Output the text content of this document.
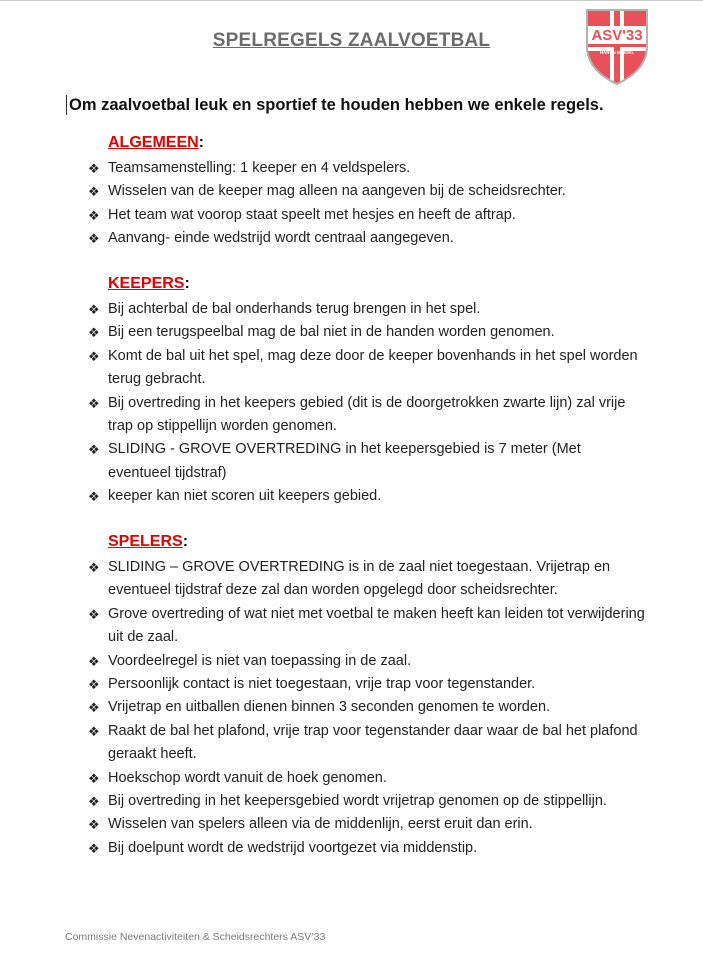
SPELREGELS ZAALVOETBAL	ASV'33
HAREN MIDDEL
Om zaalvoetbal leuk en sportief te houden hebben we enkele regels.
ALGEMEEN:
❖ Teamsamenstelling: 1 keeper en 4 veldspelers.
❖ Wisselen van de keeper mag alleen na aangeven bij de scheidsrechter.
❖ Het team wat voorop staat speelt met hesjes en heeft de aftrap.
❖ Aanvang- einde wedstrijd wordt centraal aangegeven.
KEEPERS:
❖ Bij achterbal de bal onderhands terug brengen in het spel.
❖ Bij een terugspeelbal mag de bal niet in de handen worden genomen.
❖ Komt de bal uit het spel, mag deze door de keeper bovenhands in het spel worden terug gebracht.
❖ Bij overtreding in het keepers gebied (dit is de doorgetrokken zwarte lijn) zal vrije trap op stippellijn worden genomen.
❖ SLIDING - GROVE OVERTREDING in het keepersgebied is 7 meter (Met eventueel tijdstraf)
❖ keeper kan niet scoren uit keepers gebied.
SPELERS:
❖ SLIDING – GROVE OVERTREDING is in de zaal niet toegestaan. Vrijetrap en eventueel tijdstraf deze zal dan worden opgelegd door scheidsrechter.
❖ Grove overtreding of wat niet met voetbal te maken heeft kan leiden tot verwijdering uit de zaal.
❖ Voordeelregel is niet van toepassing in de zaal.
❖ Persoonlijk contact is niet toegestaan, vrije trap voor tegenstander.
❖ Vrijetrap en uitballen dienen binnen 3 seconden genomen te worden.
❖ Raakt de bal het plafond, vrije trap voor tegenstander daar waar de bal het plafond geraakt heeft.
❖ Hoekschop wordt vanuit de hoek genomen.
❖ Bij overtreding in het keepersgebied wordt vrijetrap genomen op de stippellijn.
❖ Wisselen van spelers alleen via de middenlijn, eerst eruit dan erin.
❖ Bij doelpunt wordt de wedstrijd voortgezet via middenstip.
Commissie Nevenactiviteiten & Scheidsrechters ASV’33
